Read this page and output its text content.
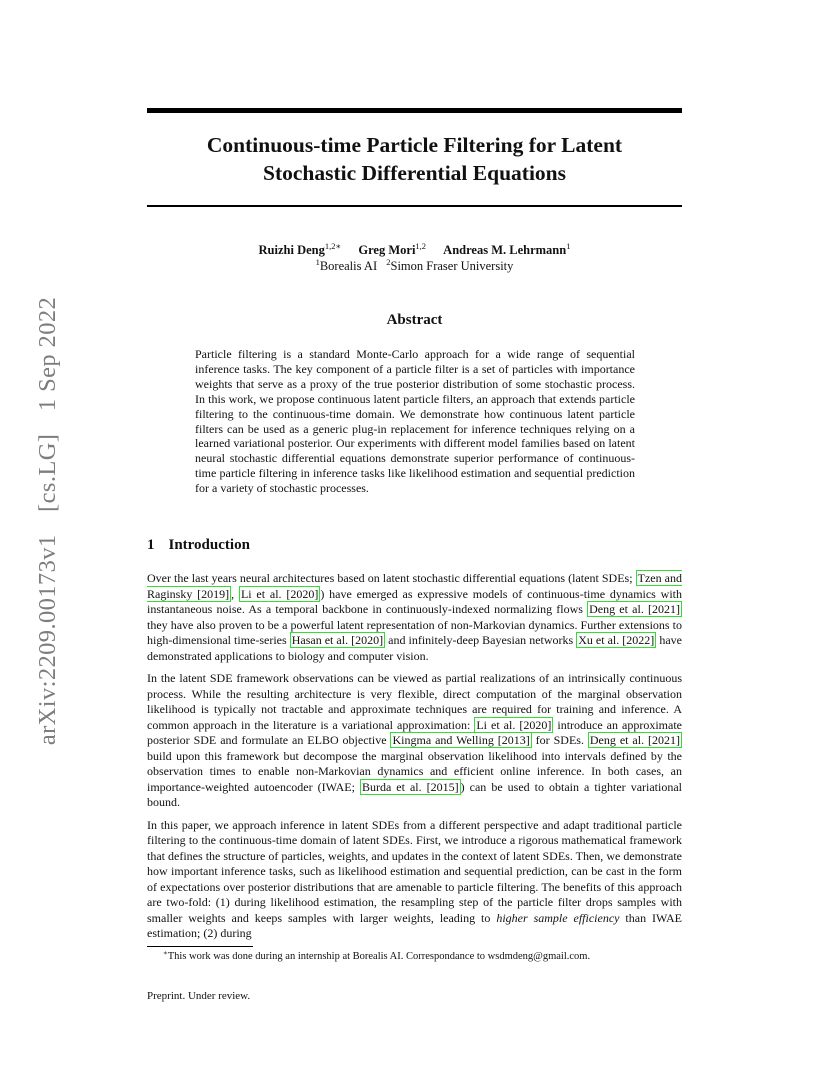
arXiv:2209.00173v1 [cs.LG] 1 Sep 2022
Continuous-time Particle Filtering for Latent
Stochastic Differential Equations
Ruizhi Deng$^{1,2∗}$ Greg Mori$^{1,2}$ Andreas M. Lehrmann$^1$
$^1$Borealis AI $^2$Simon Fraser University
Abstract

Particle filtering is a standard Monte-Carlo approach for a wide range of sequential inference tasks. The key component of a particle filter is a set of particles with importance weights that serve as a proxy of the true posterior distribution of some stochastic process. In this work, we propose continuous latent particle filters, an approach that extends particle filtering to the continuous-time domain. We demonstrate how continuous latent particle filters can be used as a generic plug-in replacement for inference techniques relying on a learned variational posterior. Our experiments with different model families based on latent neural stochastic differential equations demonstrate superior performance of continuous-time particle filtering in inference tasks like likelihood estimation and sequential prediction for a variety of stochastic processes.

1 Introduction

Over the last years neural architectures based on latent stochastic differential equations (latent SDEs; Tzen and Raginsky [2019] , Li et al. [2020] ) have emerged as expressive models of continuous-time dynamics with instantaneous noise. As a temporal backbone in continuously-indexed normalizing flows Deng et al. [2021] they have also proven to be a powerful latent representation of non-Markovian dynamics. Further extensions to high-dimensional time-series Hasan et al. [2020] and infinitely-deep Bayesian networks Xu et al. [2022] have demonstrated applications to biology and computer vision.

In the latent SDE framework observations can be viewed as partial realizations of an intrinsically continuous process. While the resulting architecture is very flexible, direct computation of the marginal observation likelihood is typically not tractable and approximate techniques are required for training and inference. A common approach in the literature is a variational approximation: Li et al. [2020] introduce an approximate posterior SDE and formulate an ELBO objective Kingma and Welling [2013] for SDEs. Deng et al. [2021] build upon this framework but decompose the marginal observation likelihood into intervals defined by the observation times to enable non-Markovian dynamics and efficient online inference. In both cases, an importance-weighted autoencoder (IWAE; Burda et al. [2015] ) can be used to obtain a tighter variational bound.

In this paper, we approach inference in latent SDEs from a different perspective and adapt traditional particle filtering to the continuous-time domain of latent SDEs. First, we introduce a rigorous mathematical framework that defines the structure of particles, weights, and updates in the context of latent SDEs. Then, we demonstrate how important inference tasks, such as likelihood estimation and sequential prediction, can be cast in the form of expectations over posterior distributions that are amenable to particle filtering. The benefits of this approach are two-fold: (1) during likelihood estimation, the resampling step of the particle filter drops samples with smaller weights and keeps samples with larger weights, leading to higher sample efficiency than IWAE estimation; (2) during

∗This work was done during an internship at Borealis AI. Correspondance to wsdmdeng@gmail.com.
Preprint. Under review.
